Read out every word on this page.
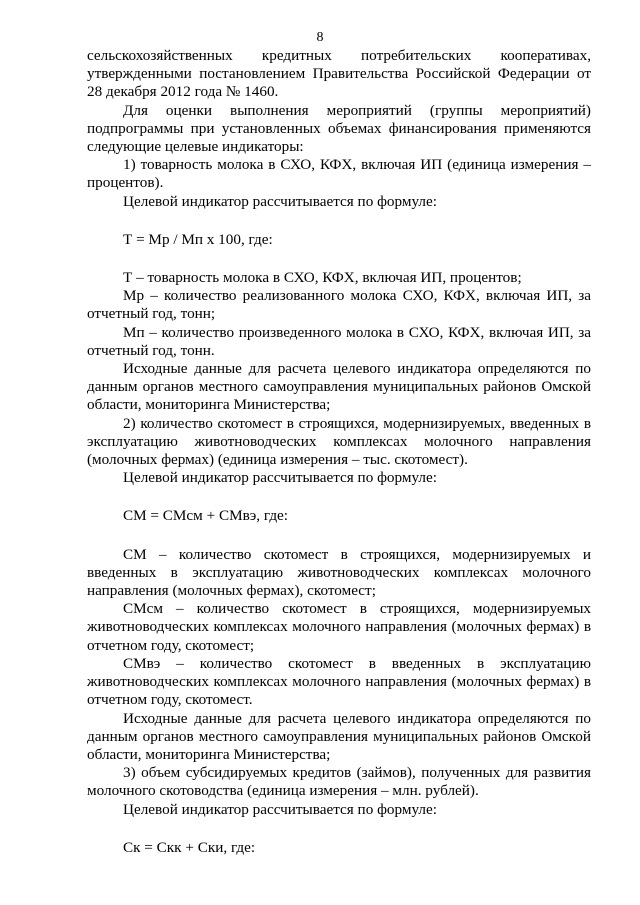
8

сельскохозяйственных кредитных потребительских кооперативах, утвержденными постановлением Правительства Российской Федерации от 28 декабря 2012 года № 1460.

Для оценки выполнения мероприятий (группы мероприятий) подпрограммы при установленных объемах финансирования применяются следующие целевые индикаторы:

1) товарность молока в СХО, КФХ, включая ИП (единица измерения – процентов).

Целевой индикатор рассчитывается по формуле:

Т = Мр / Мп х 100, где:

Т – товарность молока в СХО, КФХ, включая ИП, процентов;

Мр – количество реализованного молока СХО, КФХ, включая ИП, за отчетный год, тонн;

Мп – количество произведенного молока в СХО, КФХ, включая ИП, за отчетный год, тонн.

Исходные данные для расчета целевого индикатора определяются по данным органов местного самоуправления муниципальных районов Омской области, мониторинга Министерства;

2) количество скотомест в строящихся, модернизируемых, введенных в эксплуатацию животноводческих комплексах молочного направления (молочных фермах) (единица измерения – тыс. скотомест).

Целевой индикатор рассчитывается по формуле:

СМ = СМсм + СМвэ, где:

СМ – количество скотомест в строящихся, модернизируемых и введенных в эксплуатацию животноводческих комплексах молочного направления (молочных фермах), скотомест;

СМсм – количество скотомест в строящихся, модернизируемых животноводческих комплексах молочного направления (молочных фермах) в отчетном году, скотомест;

СМвэ – количество скотомест в введенных в эксплуатацию животноводческих комплексах молочного направления (молочных фермах) в отчетном году, скотомест.

Исходные данные для расчета целевого индикатора определяются по данным органов местного самоуправления муниципальных районов Омской области, мониторинга Министерства;

3) объем субсидируемых кредитов (займов), полученных для развития молочного скотоводства (единица измерения – млн. рублей).

Целевой индикатор рассчитывается по формуле:

Ск = Скк + Ски, где:
